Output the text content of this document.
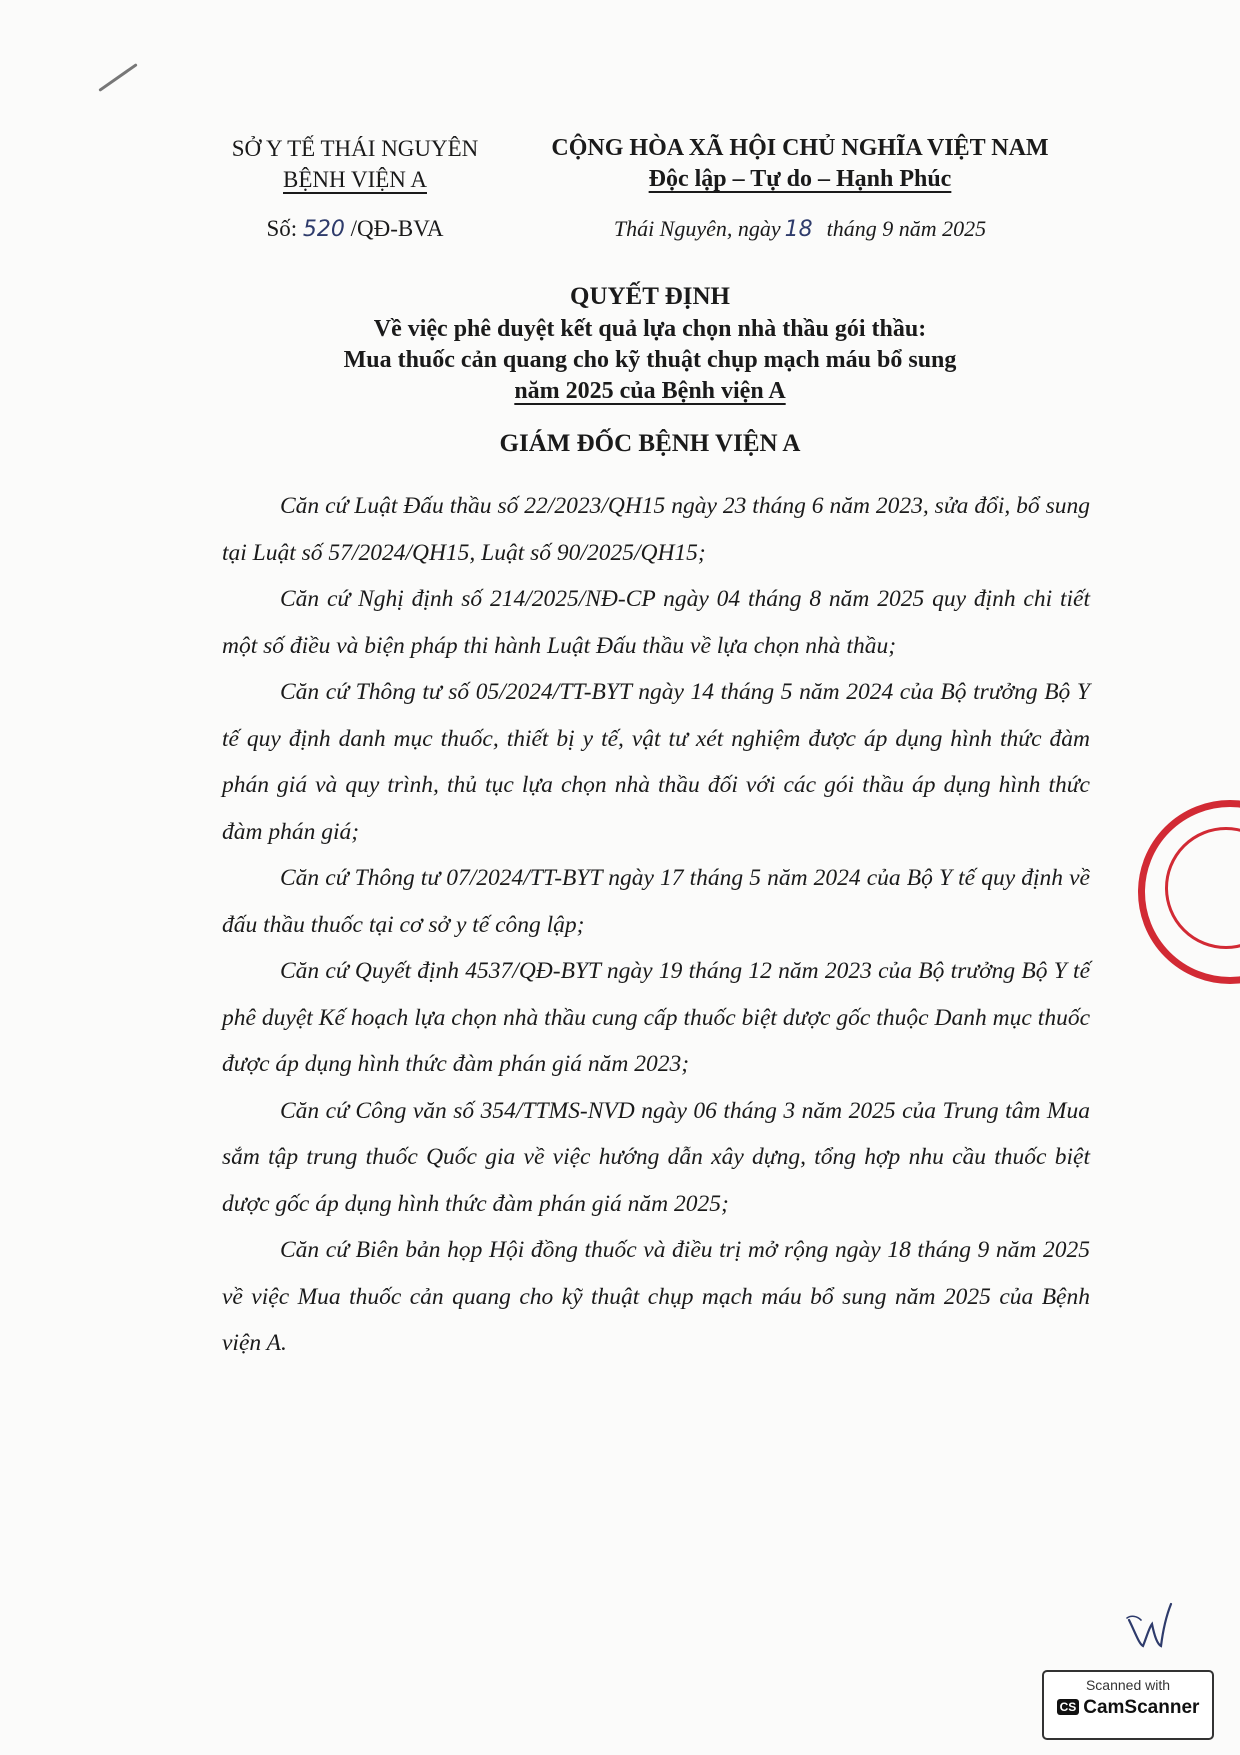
SỞ Y TẾ THÁI NGUYÊN
BỆNH VIỆN A
Số: 520 /QĐ-BVA
CỘNG HÒA XÃ HỘI CHỦ NGHĨA VIỆT NAM
Độc lập – Tự do – Hạnh Phúc
Thái Nguyên, ngày 18 tháng 9 năm 2025
QUYẾT ĐỊNH
Về việc phê duyệt kết quả lựa chọn nhà thầu gói thầu:
Mua thuốc cản quang cho kỹ thuật chụp mạch máu bổ sung
năm 2025 của Bệnh viện A
GIÁM ĐỐC BỆNH VIỆN A

Căn cứ Luật Đấu thầu số 22/2023/QH15 ngày 23 tháng 6 năm 2023, sửa đổi, bổ sung tại Luật số 57/2024/QH15, Luật số 90/2025/QH15;

Căn cứ Nghị định số 214/2025/NĐ-CP ngày 04 tháng 8 năm 2025 quy định chi tiết một số điều và biện pháp thi hành Luật Đấu thầu về lựa chọn nhà thầu;

Căn cứ Thông tư số 05/2024/TT-BYT ngày 14 tháng 5 năm 2024 của Bộ trưởng Bộ Y tế quy định danh mục thuốc, thiết bị y tế, vật tư xét nghiệm được áp dụng hình thức đàm phán giá và quy trình, thủ tục lựa chọn nhà thầu đối với các gói thầu áp dụng hình thức đàm phán giá;

Căn cứ Thông tư 07/2024/TT-BYT ngày 17 tháng 5 năm 2024 của Bộ Y tế quy định về đấu thầu thuốc tại cơ sở y tế công lập;

Căn cứ Quyết định 4537/QĐ-BYT ngày 19 tháng 12 năm 2023 của Bộ trưởng Bộ Y tế phê duyệt Kế hoạch lựa chọn nhà thầu cung cấp thuốc biệt dược gốc thuộc Danh mục thuốc được áp dụng hình thức đàm phán giá năm 2023;

Căn cứ Công văn số 354/TTMS-NVD ngày 06 tháng 3 năm 2025 của Trung tâm Mua sắm tập trung thuốc Quốc gia về việc hướng dẫn xây dựng, tổng hợp nhu cầu thuốc biệt dược gốc áp dụng hình thức đàm phán giá năm 2025;

Căn cứ Biên bản họp Hội đồng thuốc và điều trị mở rộng ngày 18 tháng 9 năm 2025 về việc Mua thuốc cản quang cho kỹ thuật chụp mạch máu bổ sung năm 2025 của Bệnh viện A.

Scanned with
CS CamScanner
